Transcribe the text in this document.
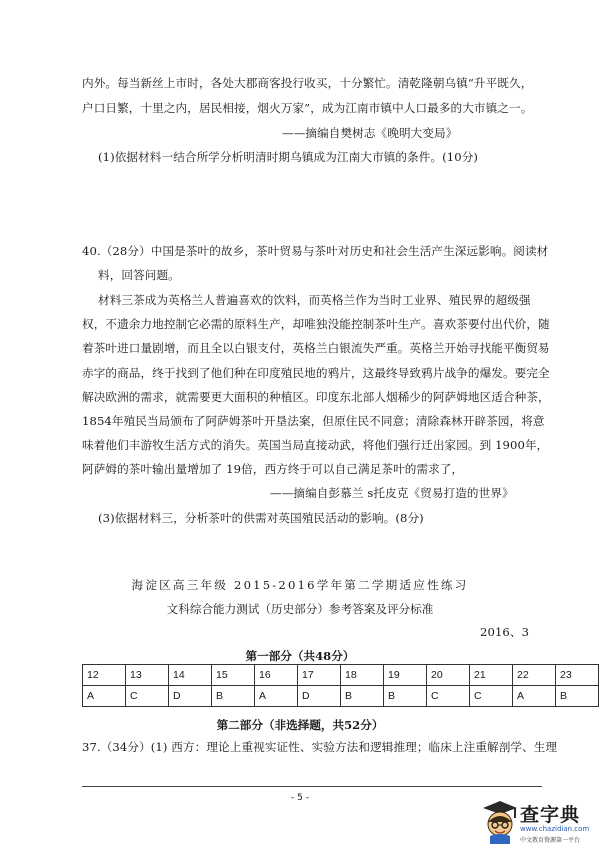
内外。每当新丝上市时，各处大郡商客投行收买，十分繁忙。清乾隆朝乌镇“升平既久，
户口日繁，十里之内，居民相接，烟火万家”，成为江南市镇中人口最多的大市镇之一。
——摘编自樊树志《晚明大变局》
(1)依据材料一结合所学分析明清时期乌镇成为江南大市镇的条件。(10分)
40.（28分）中国是茶叶的故乡，茶叶贸易与茶叶对历史和社会生活产生深远影响。阅读材
料，回答问题。
材料三茶成为英格兰人普遍喜欢的饮料，而英格兰作为当时工业界、殖民界的超级强
权，不遗余力地控制它必需的原料生产，却唯独没能控制茶叶生产。喜欢茶要付出代价，随
着茶叶进口量剧增，而且全以白银支付，英格兰白银流失严重。英格兰开始寻找能平衡贸易
赤字的商品，终于找到了他们种在印度殖民地的鸦片，这最终导致鸦片战争的爆发。要完全
解决欧洲的需求，就需要更大面积的种植区。印度东北部人烟稀少的阿萨姆地区适合种茶，
1854年殖民当局颁布了阿萨姆茶叶开垦法案，但原住民不同意；清除森林开辟茶园，将意
味着他们丰游牧生活方式的消失。英国当局直接动武，将他们强行迁出家园。到 1900年，
阿萨姆的茶叶输出量增加了 19倍，西方终于可以自己满足茶叶的需求了，
——摘编自彭慕兰 s托皮克《贸易打造的世界》
(3)依据材料三，分析茶叶的供需对英国殖民活动的影响。(8分)
海淀区高三年级 2015-2016学年第二学期适应性练习
文科综合能力测试（历史部分）参考答案及评分标准
2016、3
第一部分（共48分）
12	13	14	15	16	17	18	19	20	21	22	23
A	C	D	B	A	D	B	B	C	C	A	B
第二部分（非选择题，共52分）
37.（34分）(1) 西方：理论上重视实证性、实验方法和逻辑推理；临床上注重解剖学、生理
- 5 -
查字典
www.chazidian.com
中文教育资源第一平台
